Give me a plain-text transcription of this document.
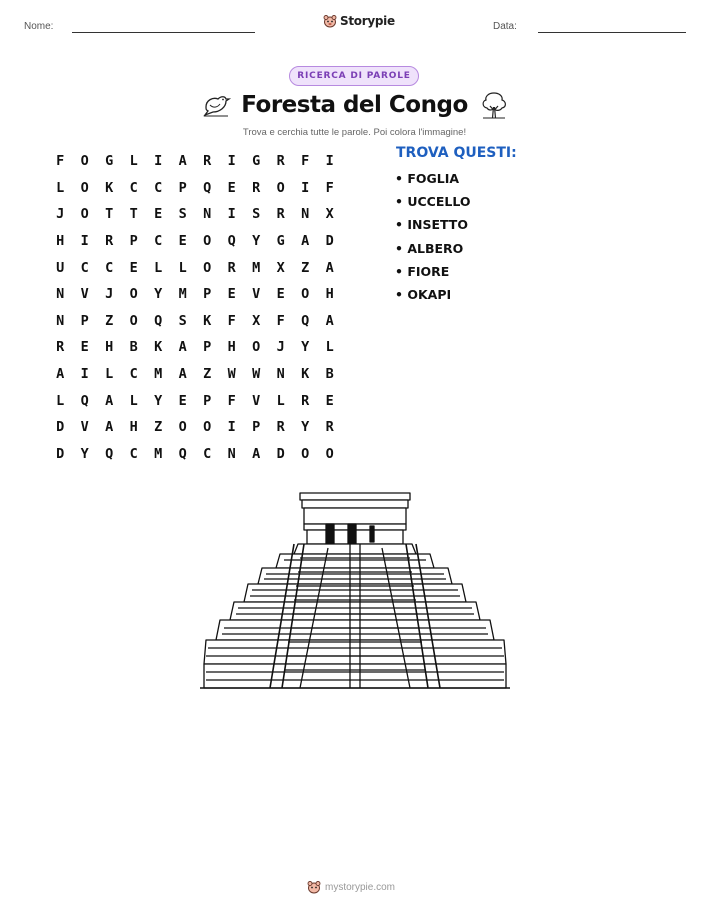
Nome:	Storypie	Data:
RICERCA DI PAROLE
Foresta del Congo
Trova e cerchia tutte le parole. Poi colora l'immagine!
F	O	G	L	I	A	R	I	G	R	F	I
L	O	K	C	C	P	Q	E	R	O	I	F
J	O	T	T	E	S	N	I	S	R	N	X
H	I	R	P	C	E	O	Q	Y	G	A	D
U	C	C	E	L	L	O	R	M	X	Z	A
N	V	J	O	Y	M	P	E	V	E	O	H
N	P	Z	O	Q	S	K	F	X	F	Q	A
R	E	H	B	K	A	P	H	O	J	Y	L
A	I	L	C	M	A	Z	W	W	N	K	B
L	Q	A	L	Y	E	P	F	V	L	R	E
D	V	A	H	Z	O	O	I	P	R	Y	R
D	Y	Q	C	M	Q	C	N	A	D	O	O
TROVA QUESTI:
• FOGLIA
• UCCELLO
• INSETTO
• ALBERO
• FIORE
• OKAPI
mystorypie.com
